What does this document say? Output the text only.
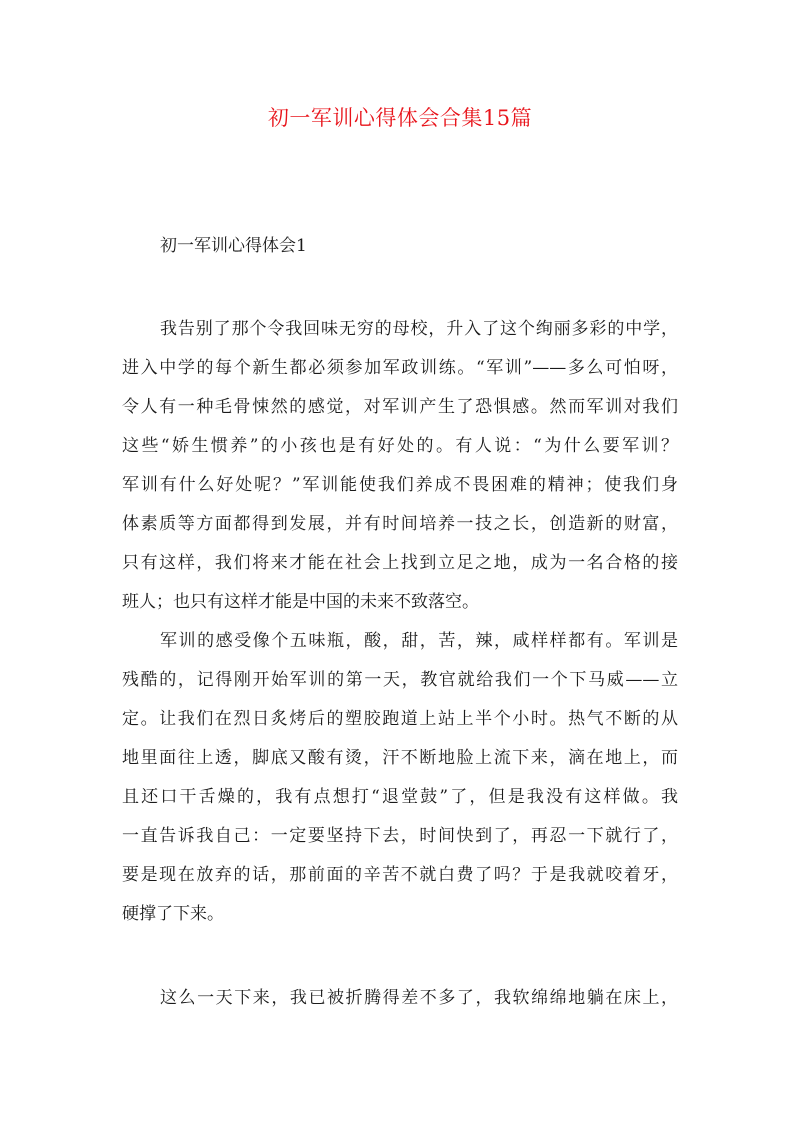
初一军训心得体会合集15篇
初一军训心得体会1
我告别了那个令我回味无穷的母校，升入了这个绚丽多彩的中学，
进入中学的每个新生都必须参加军政训练。“军训”——多么可怕呀，
令人有一种毛骨悚然的感觉，对军训产生了恐惧感。然而军训对我们
这些“娇生惯养”的小孩也是有好处的。有人说：“为什么要军训？
军训有什么好处呢？”军训能使我们养成不畏困难的精神；使我们身
体素质等方面都得到发展，并有时间培养一技之长，创造新的财富，
只有这样，我们将来才能在社会上找到立足之地，成为一名合格的接
班人；也只有这样才能是中国的未来不致落空。
军训的感受像个五味瓶，酸，甜，苦，辣，咸样样都有。军训是
残酷的，记得刚开始军训的第一天，教官就给我们一个下马威——立
定。让我们在烈日炙烤后的塑胶跑道上站上半个小时。热气不断的从
地里面往上透，脚底又酸有烫，汗不断地脸上流下来，滴在地上，而
且还口干舌燥的，我有点想打“退堂鼓”了，但是我没有这样做。我
一直告诉我自己：一定要坚持下去，时间快到了，再忍一下就行了，
要是现在放弃的话，那前面的辛苦不就白费了吗？于是我就咬着牙，
硬撑了下来。
这么一天下来，我已被折腾得差不多了，我软绵绵地躺在床上，
